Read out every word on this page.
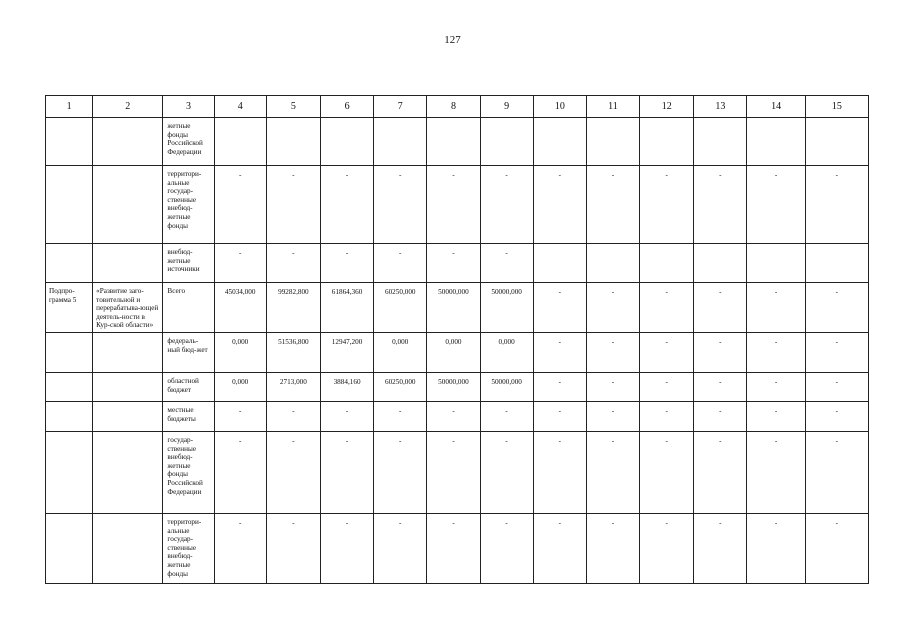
127
1	2	3	4	5	6	7	8	9	10	11	12	13	14	15
		жетные фонды Российской Федерации												
		территори-альные государ-ственные внебюд-жетные фонды	-	-	-	-	-	-	-	-	-	-	-	-
		внебюд-жетные источники	-	-	-	-	-	-						
Подпро-грамма 5	«Развитие заго-товительной и перерабатыва-ющей деятель-ности в Кур-ской области»	Всего	45034,000	99282,800	61864,360	60250,000	50000,000	50000,000	-	-	-	-	-	-
		федераль-ный бюд-жет	0,000	51536,800	12947,200	0,000	0,000	0,000	-	-	-	-	-	-
		областной бюджет	0,000	2713,000	3884,160	60250,000	50000,000	50000,000	-	-	-	-	-	-
		местные бюджеты	-	-	-	-	-	-	-	-	-	-	-	-
		государ-ственные внебюд-жетные фонды Российской Федерации	-	-	-	-	-	-	-	-	-	-	-	-
		территори-альные государ-ственные внебюд-жетные фонды	-	-	-	-	-	-	-	-	-	-	-	-
